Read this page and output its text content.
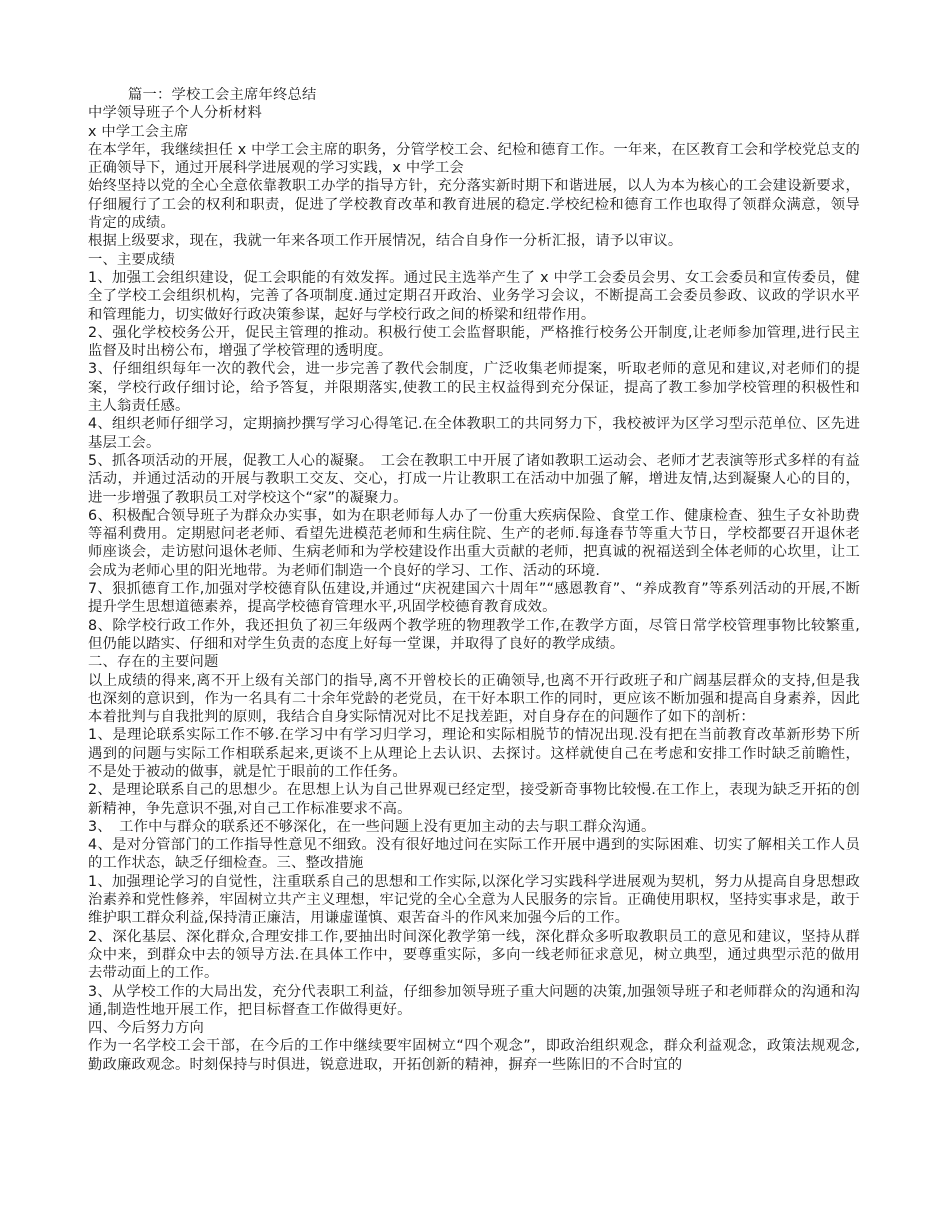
篇一：学校工会主席年终总结

中学领导班子个人分析材料

x 中学工会主席

在本学年，我继续担任 x 中学工会主席的职务，分管学校工会、纪检和德育工作。一年来，在区教育工会和学校党总支的正确领导下，通过开展科学进展观的学习实践，x 中学工会

始终坚持以党的全心全意依靠教职工办学的指导方针，充分落实新时期下和谐进展，以人为本为核心的工会建设新要求，仔细履行了工会的权利和职责，促进了学校教育改革和教育进展的稳定.学校纪检和德育工作也取得了领群众满意，领导肯定的成绩。

根据上级要求，现在，我就一年来各项工作开展情况，结合自身作一分析汇报，请予以审议。

一、主要成绩

1、加强工会组织建设，促工会职能的有效发挥。通过民主选举产生了 x 中学工会委员会男、女工会委员和宣传委员，健全了学校工会组织机构，完善了各项制度.通过定期召开政治、业务学习会议，不断提高工会委员参政、议政的学识水平和管理能力，切实做好行政决策参谋，起好与学校行政之间的桥梁和纽带作用。

2、强化学校校务公开，促民主管理的推动。积极行使工会监督职能，严格推行校务公开制度,让老师参加管理,进行民主监督及时出榜公布，增强了学校管理的透明度。

3、仔细组织每年一次的教代会，进一步完善了教代会制度，广泛收集老师提案，听取老师的意见和建议,对老师们的提案，学校行政仔细讨论，给予答复，并限期落实,使教工的民主权益得到充分保证，提高了教工参加学校管理的积极性和主人翁责任感。

4、组织老师仔细学习，定期摘抄撰写学习心得笔记.在全体教职工的共同努力下，我校被评为区学习型示范单位、区先进基层工会。

5、抓各项活动的开展，促教工人心的凝聚。　工会在教职工中开展了诸如教职工运动会、老师才艺表演等形式多样的有益活动，并通过活动的开展与教职工交友、交心，打成一片让教职工在活动中加强了解，增进友情,达到凝聚人心的目的，进一步增强了教职员工对学校这个“家”的凝聚力。

6、积极配合领导班子为群众办实事，如为在职老师每人办了一份重大疾病保险、食堂工作、健康检查、独生子女补助费等福利费用。定期慰问老老师、看望先进模范老师和生病住院、生产的老师.每逢春节等重大节日，学校都要召开退休老师座谈会，走访慰问退休老师、生病老师和为学校建设作出重大贡献的老师，把真诚的祝福送到全体老师的心坎里，让工会成为老师心里的阳光地带。为老师们制造一个良好的学习、工作、活动的环境.

7、狠抓德育工作,加强对学校德育队伍建设,并通过“庆祝建国六十周年”“感恩教育”、“养成教育”等系列活动的开展,不断提升学生思想道德素养，提高学校德育管理水平,巩固学校德育教育成效。

8、除学校行政工作外，我还担负了初三年级两个教学班的物理教学工作,在教学方面，尽管日常学校管理事物比较繁重,但仍能以踏实、仔细和对学生负责的态度上好每一堂课，并取得了良好的教学成绩。

二、存在的主要问题

以上成绩的得来,离不开上级有关部门的指导,离不开曾校长的正确领导,也离不开行政班子和广阔基层群众的支持,但是我也深刻的意识到，作为一名具有二十余年党龄的老党员，在干好本职工作的同时，更应该不断加强和提高自身素养，因此本着批判与自我批判的原则，我结合自身实际情况对比不足找差距，对自身存在的问题作了如下的剖析：

1、是理论联系实际工作不够.在学习中有学习归学习，理论和实际相脱节的情况出现.没有把在当前教育改革新形势下所遇到的问题与实际工作相联系起来,更谈不上从理论上去认识、去探讨。这样就使自己在考虑和安排工作时缺乏前瞻性，不是处于被动的做事，就是忙于眼前的工作任务。

2、是理论联系自己的思想少。在思想上认为自己世界观已经定型，接受新奇事物比较慢.在工作上，表现为缺乏开拓的创新精神，争先意识不强,对自己工作标准要求不高。

3、　工作中与群众的联系还不够深化，在一些问题上没有更加主动的去与职工群众沟通。

4、是对分管部门的工作指导性意见不细致。没有很好地过问在实际工作开展中遇到的实际困难、切实了解相关工作人员的工作状态，缺乏仔细检查。三、整改措施

1、加强理论学习的自觉性，注重联系自己的思想和工作实际,以深化学习实践科学进展观为契机，努力从提高自身思想政治素养和党性修养，牢固树立共产主义理想，牢记党的全心全意为人民服务的宗旨。正确使用职权，坚持实事求是，敢于维护职工群众利益,保持清正廉洁，用谦虚谨慎、艰苦奋斗的作风来加强今后的工作。

2、深化基层、深化群众,合理安排工作,要抽出时间深化教学第一线，深化群众多听取教职员工的意见和建议，坚持从群众中来，到群众中去的领导方法.在具体工作中，要尊重实际，多向一线老师征求意见，树立典型，通过典型示范的做用去带动面上的工作。

3、从学校工作的大局出发，充分代表职工利益，仔细参加领导班子重大问题的决策,加强领导班子和老师群众的沟通和沟通,制造性地开展工作，把目标督查工作做得更好。

四、今后努力方向

作为一名学校工会干部，在今后的工作中继续要牢固树立“四个观念”，即政治组织观念，群众利益观念，政策法规观念,勤政廉政观念。时刻保持与时俱进，锐意进取，开拓创新的精神，摒弃一些陈旧的不合时宜的
